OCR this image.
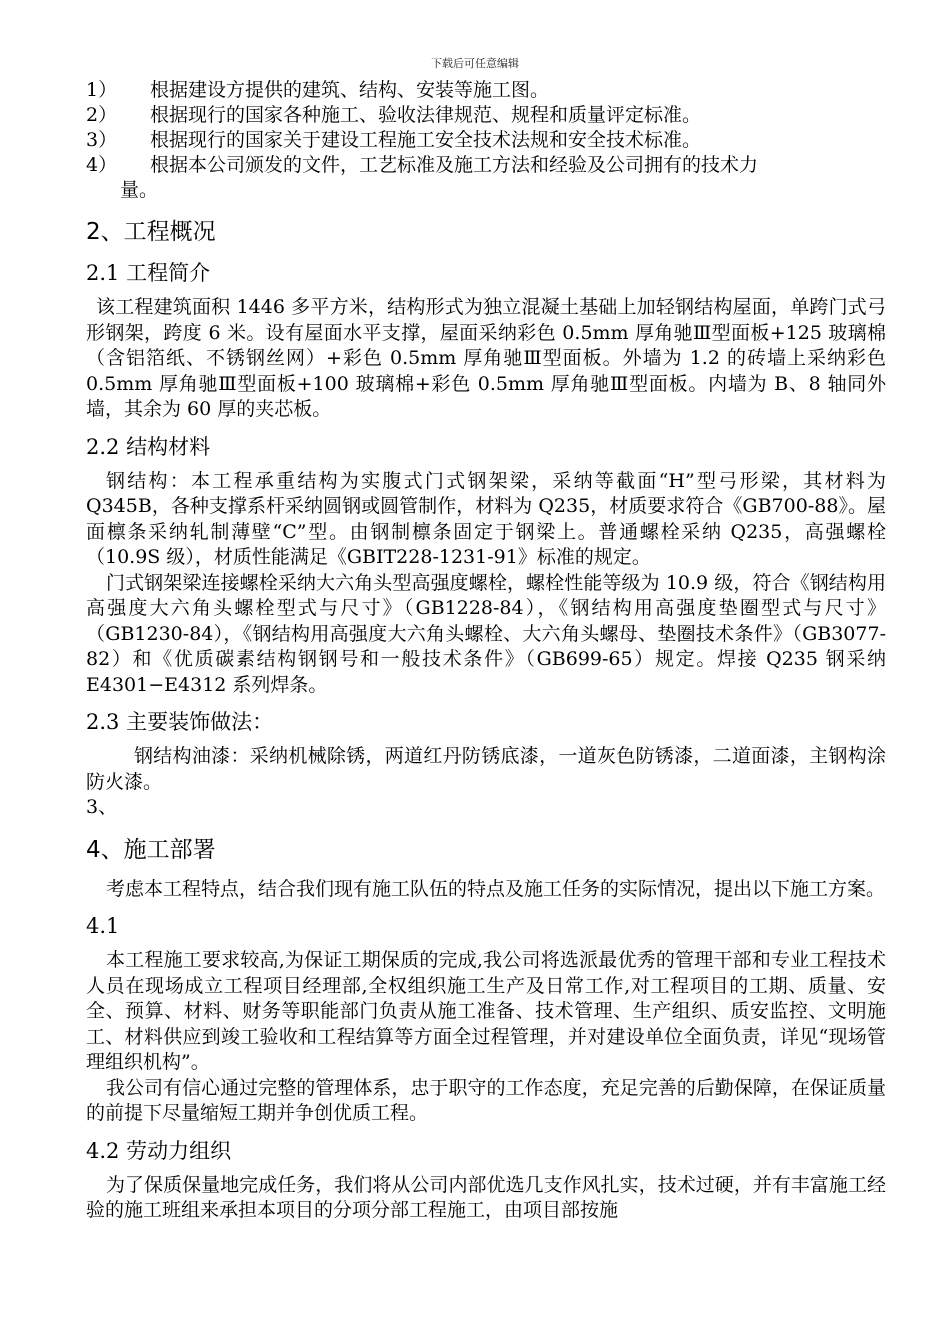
下载后可任意编辑
1）	根据建设方提供的建筑、结构、安装等施工图。
2）	根据现行的国家各种施工、验收法律规范、规程和质量评定标准。
3）	根据现行的国家关于建设工程施工安全技术法规和安全技术标准。
4）	根据本公司颁发的文件，工艺标准及施工方法和经验及公司拥有的技术力
量。
2、工程概况
2.1 工程简介

该工程建筑面积 1446 多平方米，结构形式为独立混凝土基础上加轻钢结构屋面，单跨门式弓形钢架，跨度 6 米。设有屋面水平支撑，屋面采纳彩色 0.5mm 厚角驰Ⅲ型面板+125 玻璃棉（含铝箔纸、不锈钢丝网）+彩色 0.5mm 厚角驰Ⅲ型面板。外墙为 1.2 的砖墙上采纳彩色 0.5mm 厚角驰Ⅲ型面板+100 玻璃棉+彩色 0.5mm 厚角驰Ⅲ型面板。内墙为 B、8 轴同外墙，其余为 60 厚的夹芯板。

2.2 结构材料

钢结构：本工程承重结构为实腹式门式钢架梁，采纳等截面“H”型弓形梁，其材料为 Q345B，各种支撑系杆采纳圆钢或圆管制作，材料为 Q235，材质要求符合《GB700-88》。屋面檩条采纳轧制薄壁“C”型。由钢制檩条固定于钢梁上。普通螺栓采纳 Q235，高强螺栓（10.9S 级），材质性能满足《GBIT228-1231-91》标准的规定。

门式钢架梁连接螺栓采纳大六角头型高强度螺栓，螺栓性能等级为 10.9 级，符合《钢结构用高强度大六角头螺栓型式与尺寸》（GB1228-84），《钢结构用高强度垫圈型式与尺寸》（GB1230-84），《钢结构用高强度大六角头螺栓、大六角头螺母、垫圈技术条件》（GB3077-82）和《优质碳素结构钢钢号和一般技术条件》（GB699-65）规定。焊接 Q235 钢采纳 E4301−E4312 系列焊条。

2.3 主要装饰做法：

钢结构油漆：采纳机械除锈，两道红丹防锈底漆，一道灰色防锈漆，二道面漆，主钢构涂防火漆。

3、

4、施工部署

考虑本工程特点，结合我们现有施工队伍的特点及施工任务的实际情况，提出以下施工方案。

4.1

本工程施工要求较高,为保证工期保质的完成,我公司将选派最优秀的管理干部和专业工程技术人员在现场成立工程项目经理部,全权组织施工生产及日常工作,对工程项目的工期、质量、安全、预算、材料、财务等职能部门负责从施工准备、技术管理、生产组织、质安监控、文明施工、材料供应到竣工验收和工程结算等方面全过程管理，并对建设单位全面负责，详见“现场管理组织机构”。

我公司有信心通过完整的管理体系，忠于职守的工作态度，充足完善的后勤保障，在保证质量的前提下尽量缩短工期并争创优质工程。

4.2 劳动力组织

为了保质保量地完成任务，我们将从公司内部优选几支作风扎实，技术过硬，并有丰富施工经验的施工班组来承担本项目的分项分部工程施工，由项目部按施
